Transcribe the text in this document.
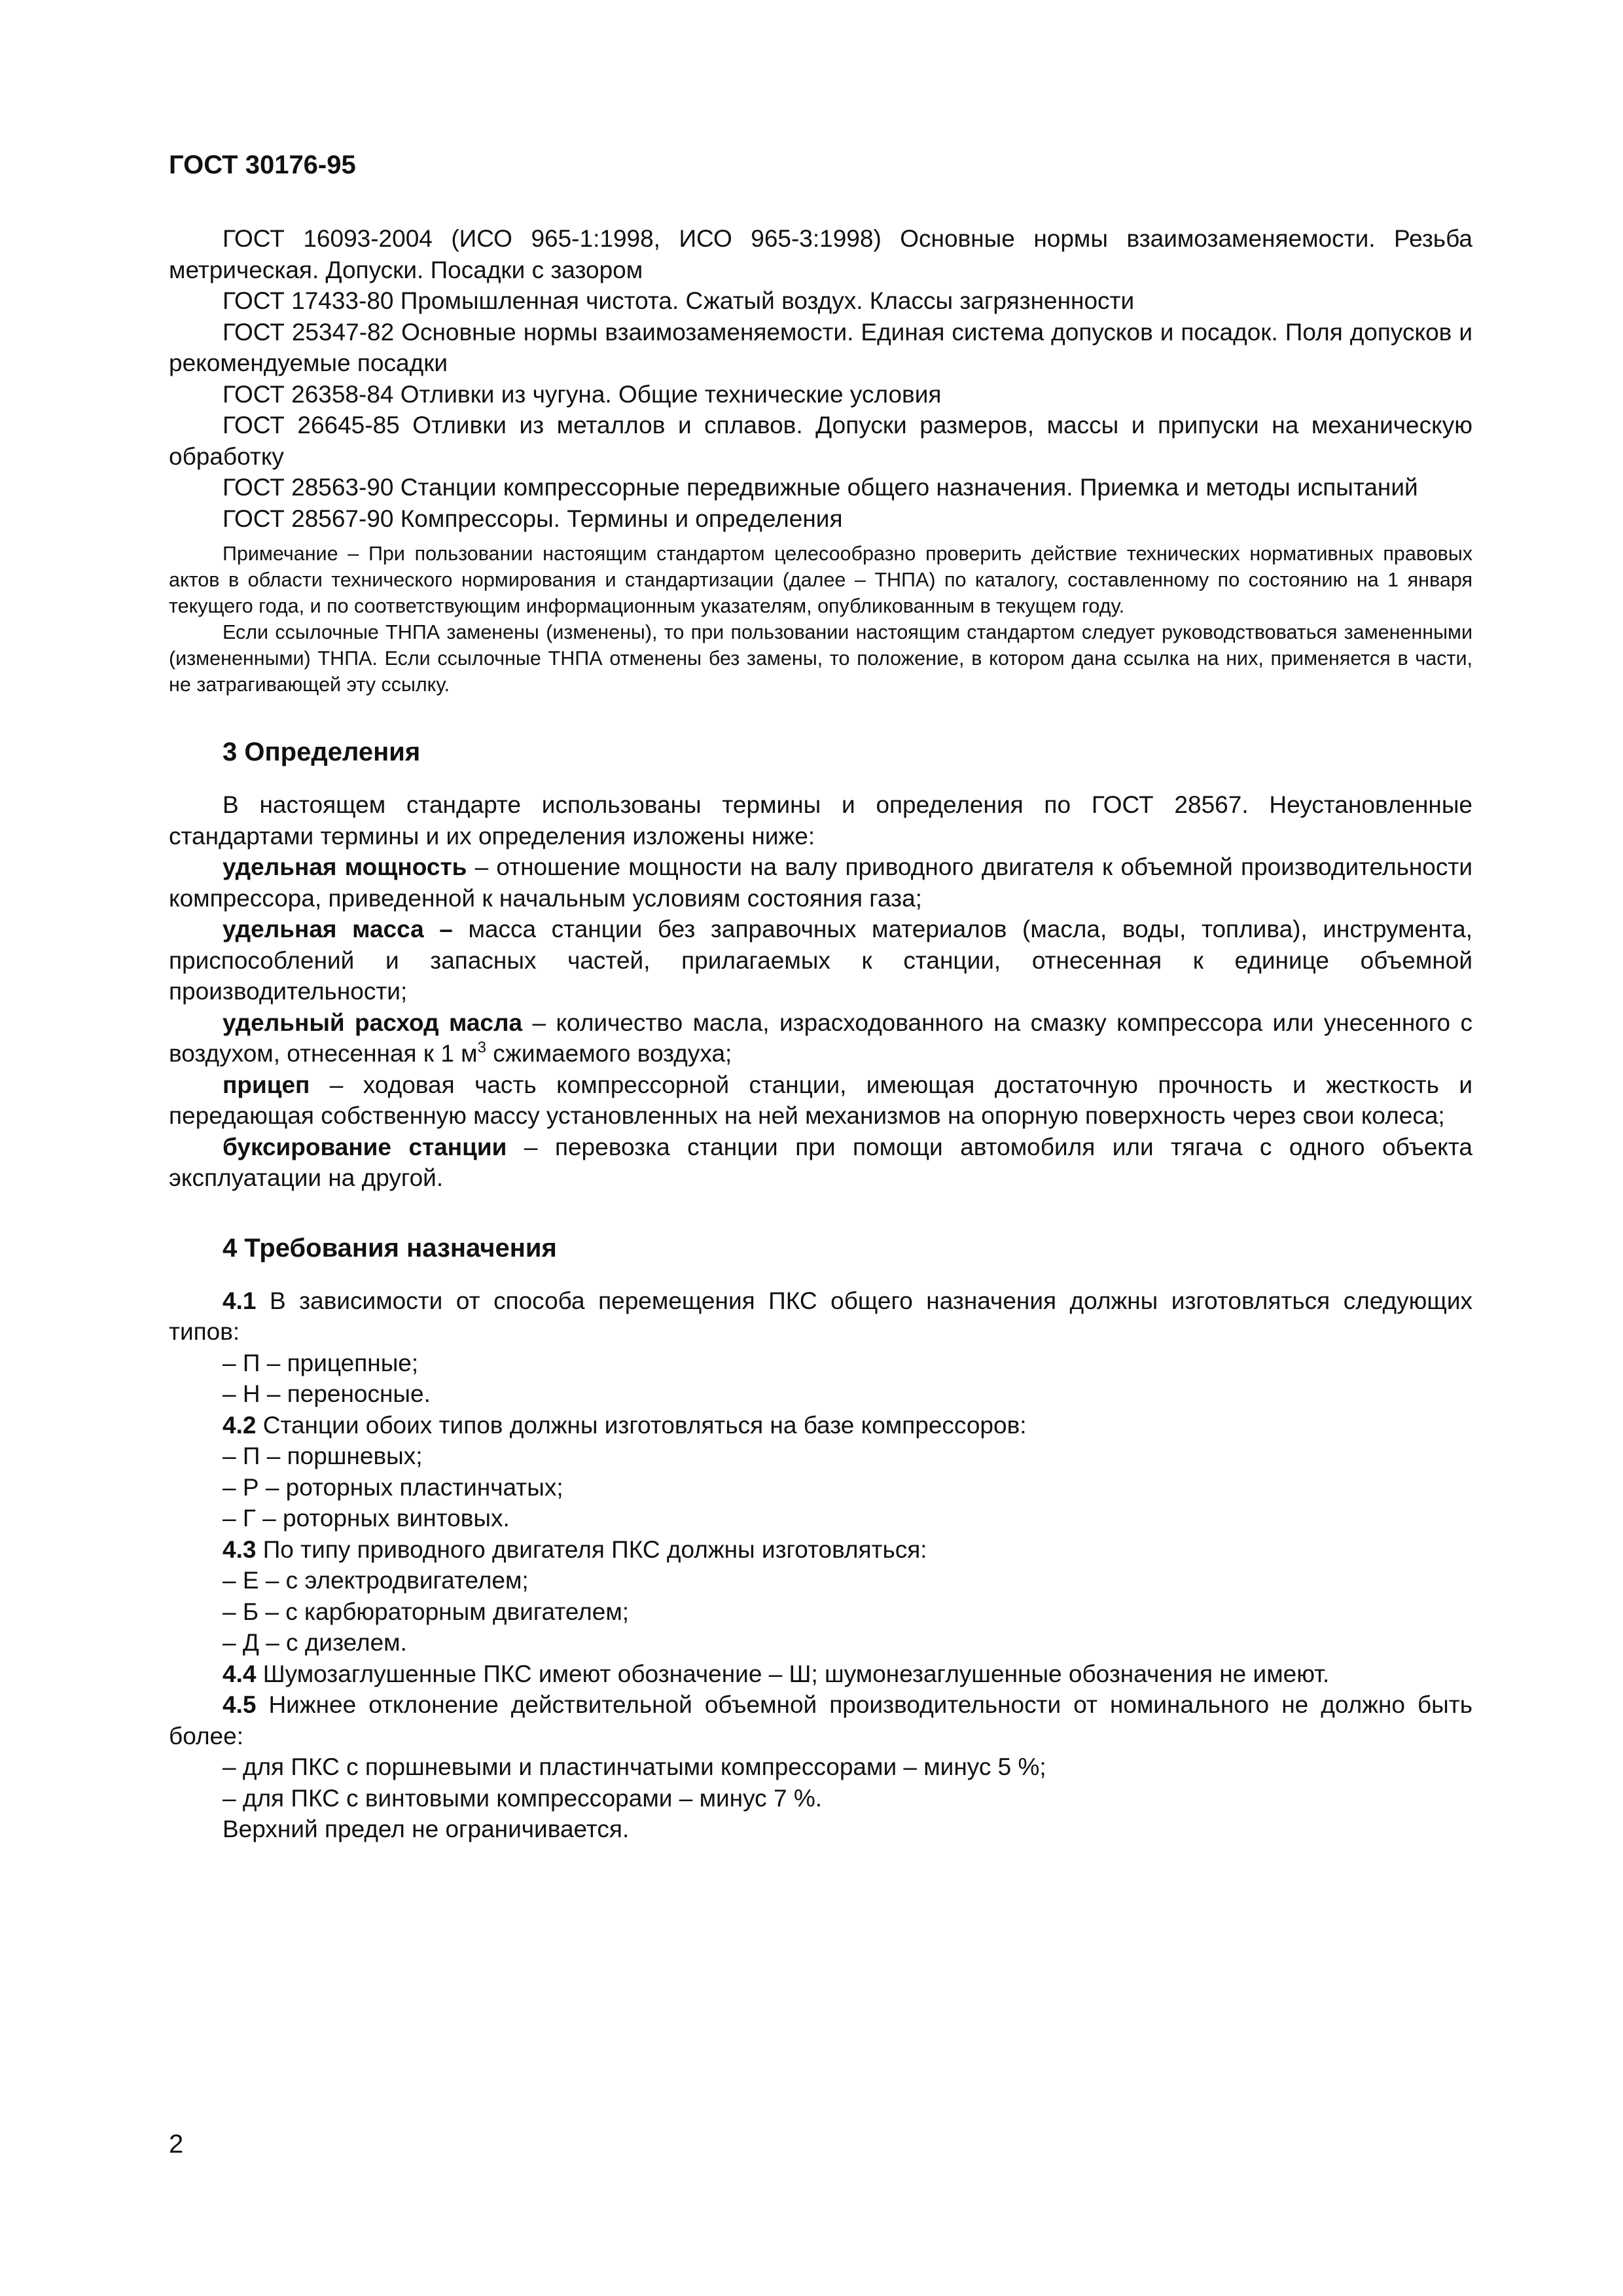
ГОСТ 30176-95

ГОСТ 16093-2004 (ИСО 965-1:1998, ИСО 965-3:1998) Основные нормы взаимозаменяемости. Резьба метрическая. Допуски. Посадки с зазором

ГОСТ 17433-80 Промышленная чистота. Сжатый воздух. Классы загрязненности

ГОСТ 25347-82 Основные нормы взаимозаменяемости. Единая система допусков и посадок. Поля допусков и рекомендуемые посадки

ГОСТ 26358-84 Отливки из чугуна. Общие технические условия

ГОСТ 26645-85 Отливки из металлов и сплавов. Допуски размеров, массы и припуски на механическую обработку

ГОСТ 28563-90 Станции компрессорные передвижные общего назначения. Приемка и методы испытаний

ГОСТ 28567-90 Компрессоры. Термины и определения

Примечание – При пользовании настоящим стандартом целесообразно проверить действие технических нормативных правовых актов в области технического нормирования и стандартизации (далее – ТНПА) по каталогу, составленному по состоянию на 1 января текущего года, и по соответствующим информационным указателям, опубликованным в текущем году.

Если ссылочные ТНПА заменены (изменены), то при пользовании настоящим стандартом следует руководствоваться замененными (измененными) ТНПА. Если ссылочные ТНПА отменены без замены, то положение, в котором дана ссылка на них, применяется в части, не затрагивающей эту ссылку.

3 Определения

В настоящем стандарте использованы термины и определения по ГОСТ 28567. Неустановленные стандартами термины и их определения изложены ниже:

удельная мощность – отношение мощности на валу приводного двигателя к объемной производительности компрессора, приведенной к начальным условиям состояния газа;

удельная масса – масса станции без заправочных материалов (масла, воды, топлива), инструмента, приспособлений и запасных частей, прилагаемых к станции, отнесенная к единице объемной производительности;

удельный расход масла – количество масла, израсходованного на смазку компрессора или унесенного с воздухом, отнесенная к 1 $м^3$ сжимаемого воздуха;

прицеп – ходовая часть компрессорной станции, имеющая достаточную прочность и жесткость и передающая собственную массу установленных на ней механизмов на опорную поверхность через свои колеса;

буксирование станции – перевозка станции при помощи автомобиля или тягача с одного объекта эксплуатации на другой.

4 Требования назначения

4.1 В зависимости от способа перемещения ПКС общего назначения должны изготовляться следующих типов:

– П – прицепные;

– Н – переносные.

4.2 Станции обоих типов должны изготовляться на базе компрессоров:

– П – поршневых;

– Р – роторных пластинчатых;

– Г – роторных винтовых.

4.3 По типу приводного двигателя ПКС должны изготовляться:

– Е – с электродвигателем;

– Б – с карбюраторным двигателем;

– Д – с дизелем.

4.4 Шумозаглушенные ПКС имеют обозначение – Ш; шумонезаглушенные обозначения не имеют.

4.5 Нижнее отклонение действительной объемной производительности от номинального не должно быть более:

– для ПКС с поршневыми и пластинчатыми компрессорами – минус 5 %;

– для ПКС с винтовыми компрессорами – минус 7 %.

Верхний предел не ограничивается.

2
